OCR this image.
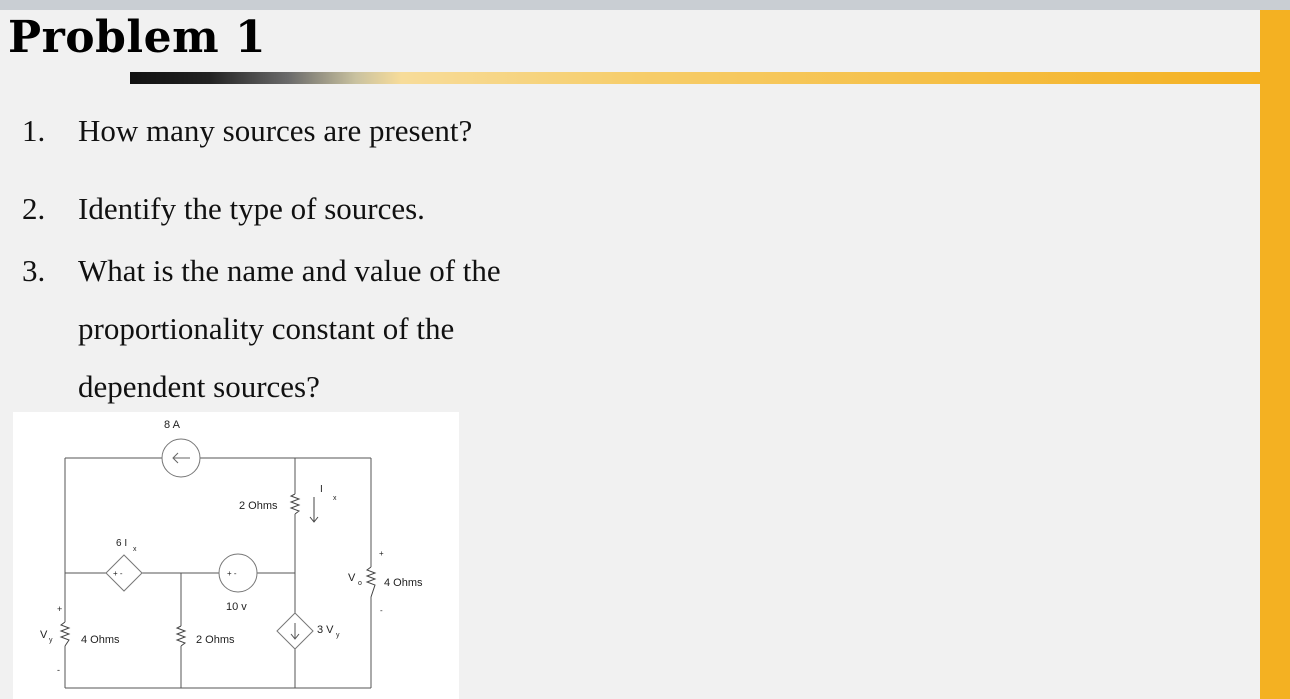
Problem 1
1. How many sources are present?
2. Identify the type of sources.
3. What is the name and value of the
proportionality constant of the
dependent sources?
8 A
2 Ohms
I
x
+ -
6 I
x
+ -
10 v
+
V y
-
4 Ohms	2 Ohms
3 V y
V o
+
-
4 Ohms
